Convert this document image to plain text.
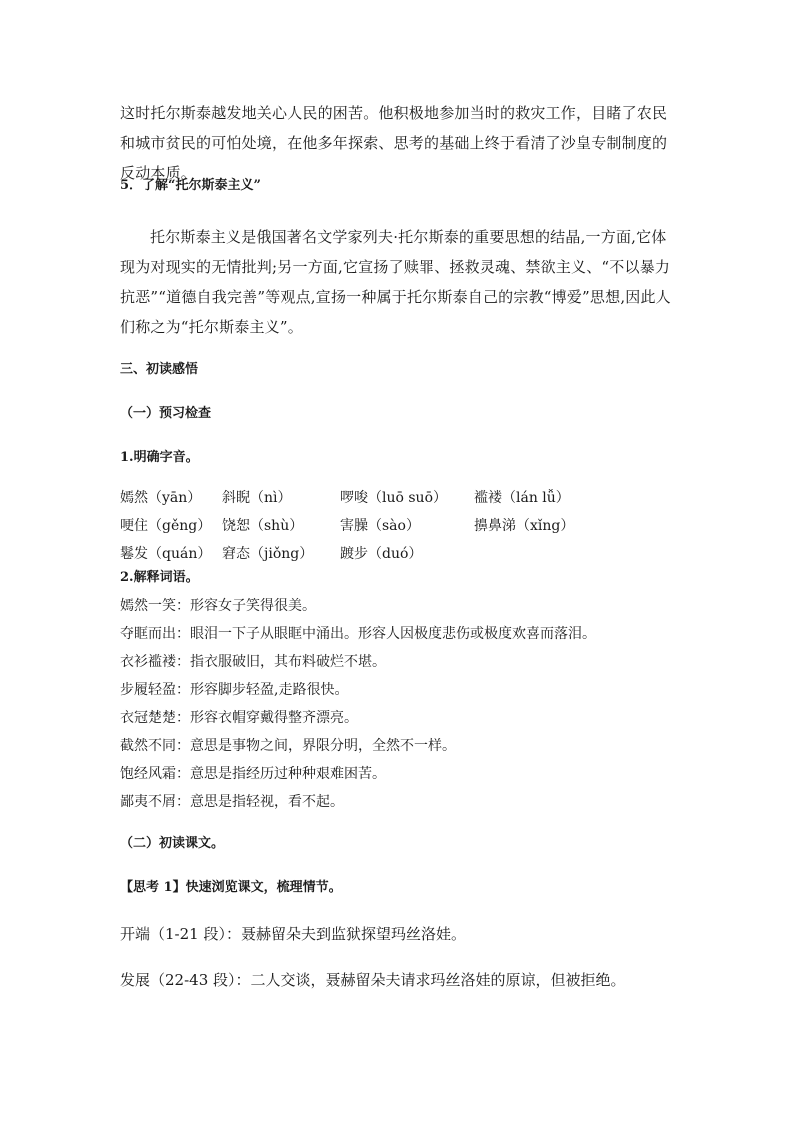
这时托尔斯泰越发地关心人民的困苦。他积极地参加当时的救灾工作，目睹了农民和城市贫民的可怕处境，在他多年探索、思考的基础上终于看清了沙皇专制制度的反动本质。

5．了解“托尔斯泰主义”

托尔斯泰主义是俄国著名文学家列夫·托尔斯泰的重要思想的结晶,一方面,它体现为对现实的无情批判;另一方面,它宣扬了赎罪、拯救灵魂、禁欲主义、“不以暴力抗恶”“道德自我完善”等观点,宣扬一种属于托尔斯泰自己的宗教“博爱”思想,因此人们称之为“托尔斯泰主义”。

三、初读感悟

（一）预习检查

1.明确字音。

嫣然（yān）	斜睨（nì）	啰唆（luō suō）	褴褛（lán lǚ）
哽住（gěng） 饶恕（shù）	害臊（sào）	擤鼻涕（xǐng）
鬈发（quán） 窘态（jiǒng）	踱步（duó）

2.解释词语。

嫣然一笑：形容女子笑得很美。
夺眶而出：眼泪一下子从眼眶中涌出。形容人因极度悲伤或极度欢喜而落泪。
衣衫褴褛：指衣服破旧，其布料破烂不堪。
步履轻盈：形容脚步轻盈,走路很快。
衣冠楚楚：形容衣帽穿戴得整齐漂亮。
截然不同：意思是事物之间，界限分明，全然不一样。
饱经风霜：意思是指经历过种种艰难困苦。
鄙夷不屑：意思是指轻视，看不起。

（二）初读课文。

【思考 1】快速浏览课文，梳理情节。

开端（1-21 段）：聂赫留朵夫到监狱探望玛丝洛娃。

发展（22-43 段）：二人交谈，聂赫留朵夫请求玛丝洛娃的原谅，但被拒绝。
